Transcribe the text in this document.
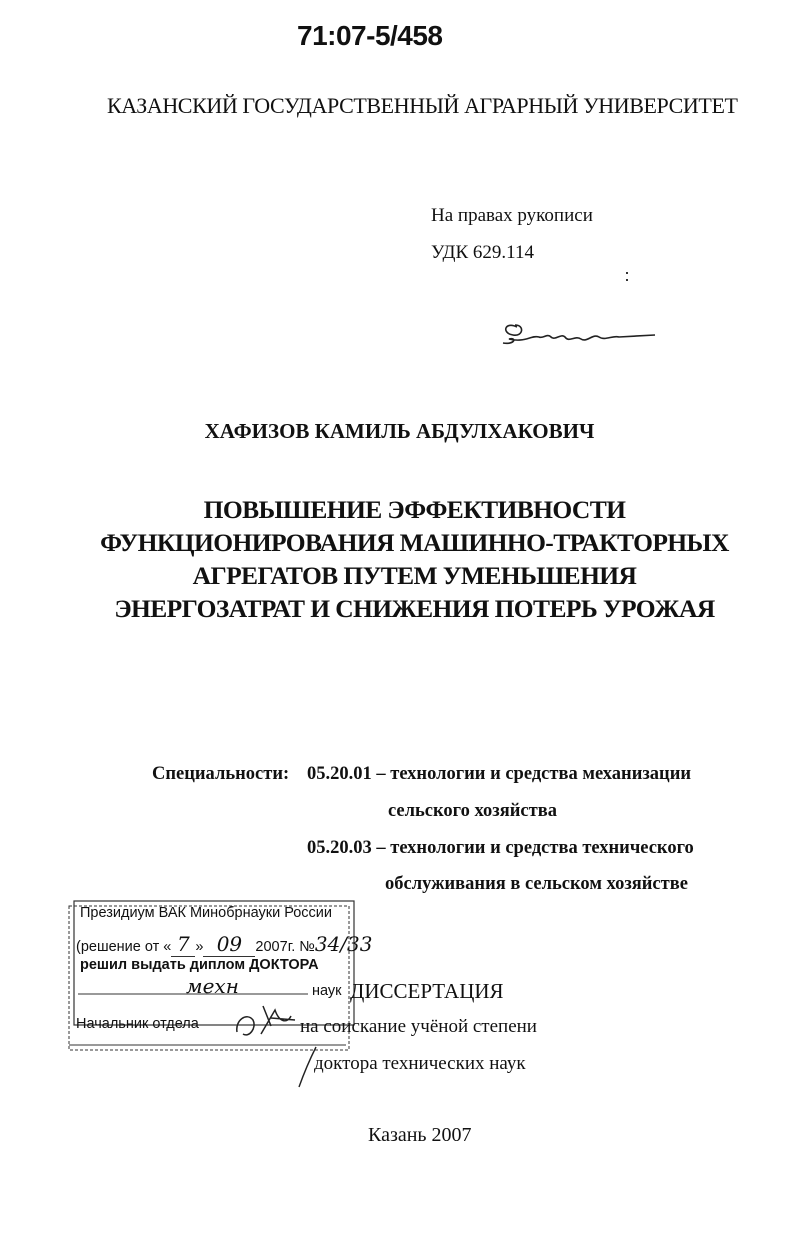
71:07-5/458
КАЗАНСКИЙ ГОСУДАРСТВЕННЫЙ АГРАРНЫЙ УНИВЕРСИТЕТ
На правах рукописи
УДК 629.114
ХАФИЗОВ КАМИЛЬ АБДУЛХАКОВИЧ
ПОВЫШЕНИЕ ЭФФЕКТИВНОСТИ
ФУНКЦИОНИРОВАНИЯ МАШИННО-ТРАКТОРНЫХ
АГРЕГАТОВ ПУТЕМ УМЕНЬШЕНИЯ
ЭНЕРГОЗАТРАТ И СНИЖЕНИЯ ПОТЕРЬ УРОЖАЯ
Специальности: 05.20.01 – технологии и средства механизации
сельского хозяйства
05.20.03 – технологии и средства технического
обслуживания в сельском хозяйстве
Президиум ВАК Минобрнауки России
(решение от « 7 » 09 2007г. №34/33
решил выдать диплом ДОКТОРА
мехн	наук
Начальник отдела
ДИССЕРТАЦИЯ
на соискание учёной степени
доктора технических наук
Казань 2007
